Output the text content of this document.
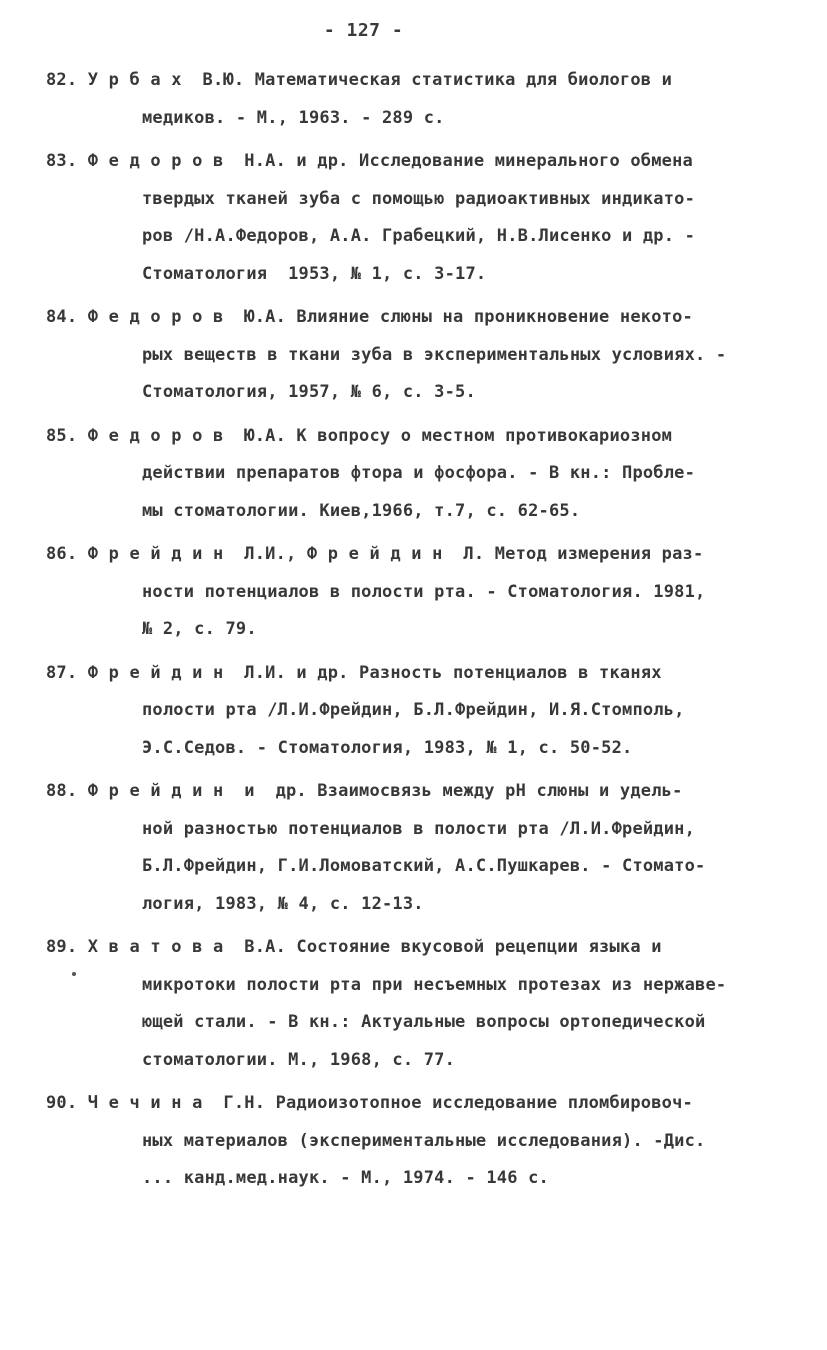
- 127 -
82. У р б а х  В.Ю. Математическая статистика для биологов и
медиков. - М., 1963. - 289 с.
83. Ф е д о р о в  Н.А. и др. Исследование минерального обмена
твердых тканей зуба с помощью радиоактивных индикато-
ров /Н.А.Федоров, А.А. Грабецкий, Н.В.Лисенко и др. -
Стоматология  1953, № 1, с. 3-17.
84. Ф е д о р о в  Ю.А. Влияние слюны на проникновение некото-
рых веществ в ткани зуба в экспериментальных условиях. -
Стоматология, 1957, № 6, с. 3-5.
85. Ф е д о р о в  Ю.А. К вопросу о местном противокариозном
действии препаратов фтора и фосфора. - В кн.: Пробле-
мы стоматологии. Киев,1966, т.7, с. 62-65.
86. Ф р е й д и н  Л.И., Ф р е й д и н  Л. Метод измерения раз-
ности потенциалов в полости рта. - Стоматология. 1981,
№ 2, с. 79.
87. Ф р е й д и н  Л.И. и др. Разность потенциалов в тканях
полости рта /Л.И.Фрейдин, Б.Л.Фрейдин, И.Я.Стомполь,
Э.С.Седов. - Стоматология, 1983, № 1, с. 50-52.
88. Ф р е й д и н  и  др. Взаимосвязь между рН слюны и удель-
ной разностью потенциалов в полости рта /Л.И.Фрейдин,
Б.Л.Фрейдин, Г.И.Ломоватский, А.С.Пушкарев. - Стомато-
логия, 1983, № 4, с. 12-13.
89. Х в а т о в а  В.А. Состояние вкусовой рецепции языка и
микротоки полости рта при несъемных протезах из нержаве-
ющей стали. - В кн.: Актуальные вопросы ортопедической
стоматологии. М., 1968, с. 77.
90. Ч е ч и н а  Г.Н. Радиоизотопное исследование пломбировоч-
ных материалов (экспериментальные исследования). -Дис.
... канд.мед.наук. - М., 1974. - 146 с.
